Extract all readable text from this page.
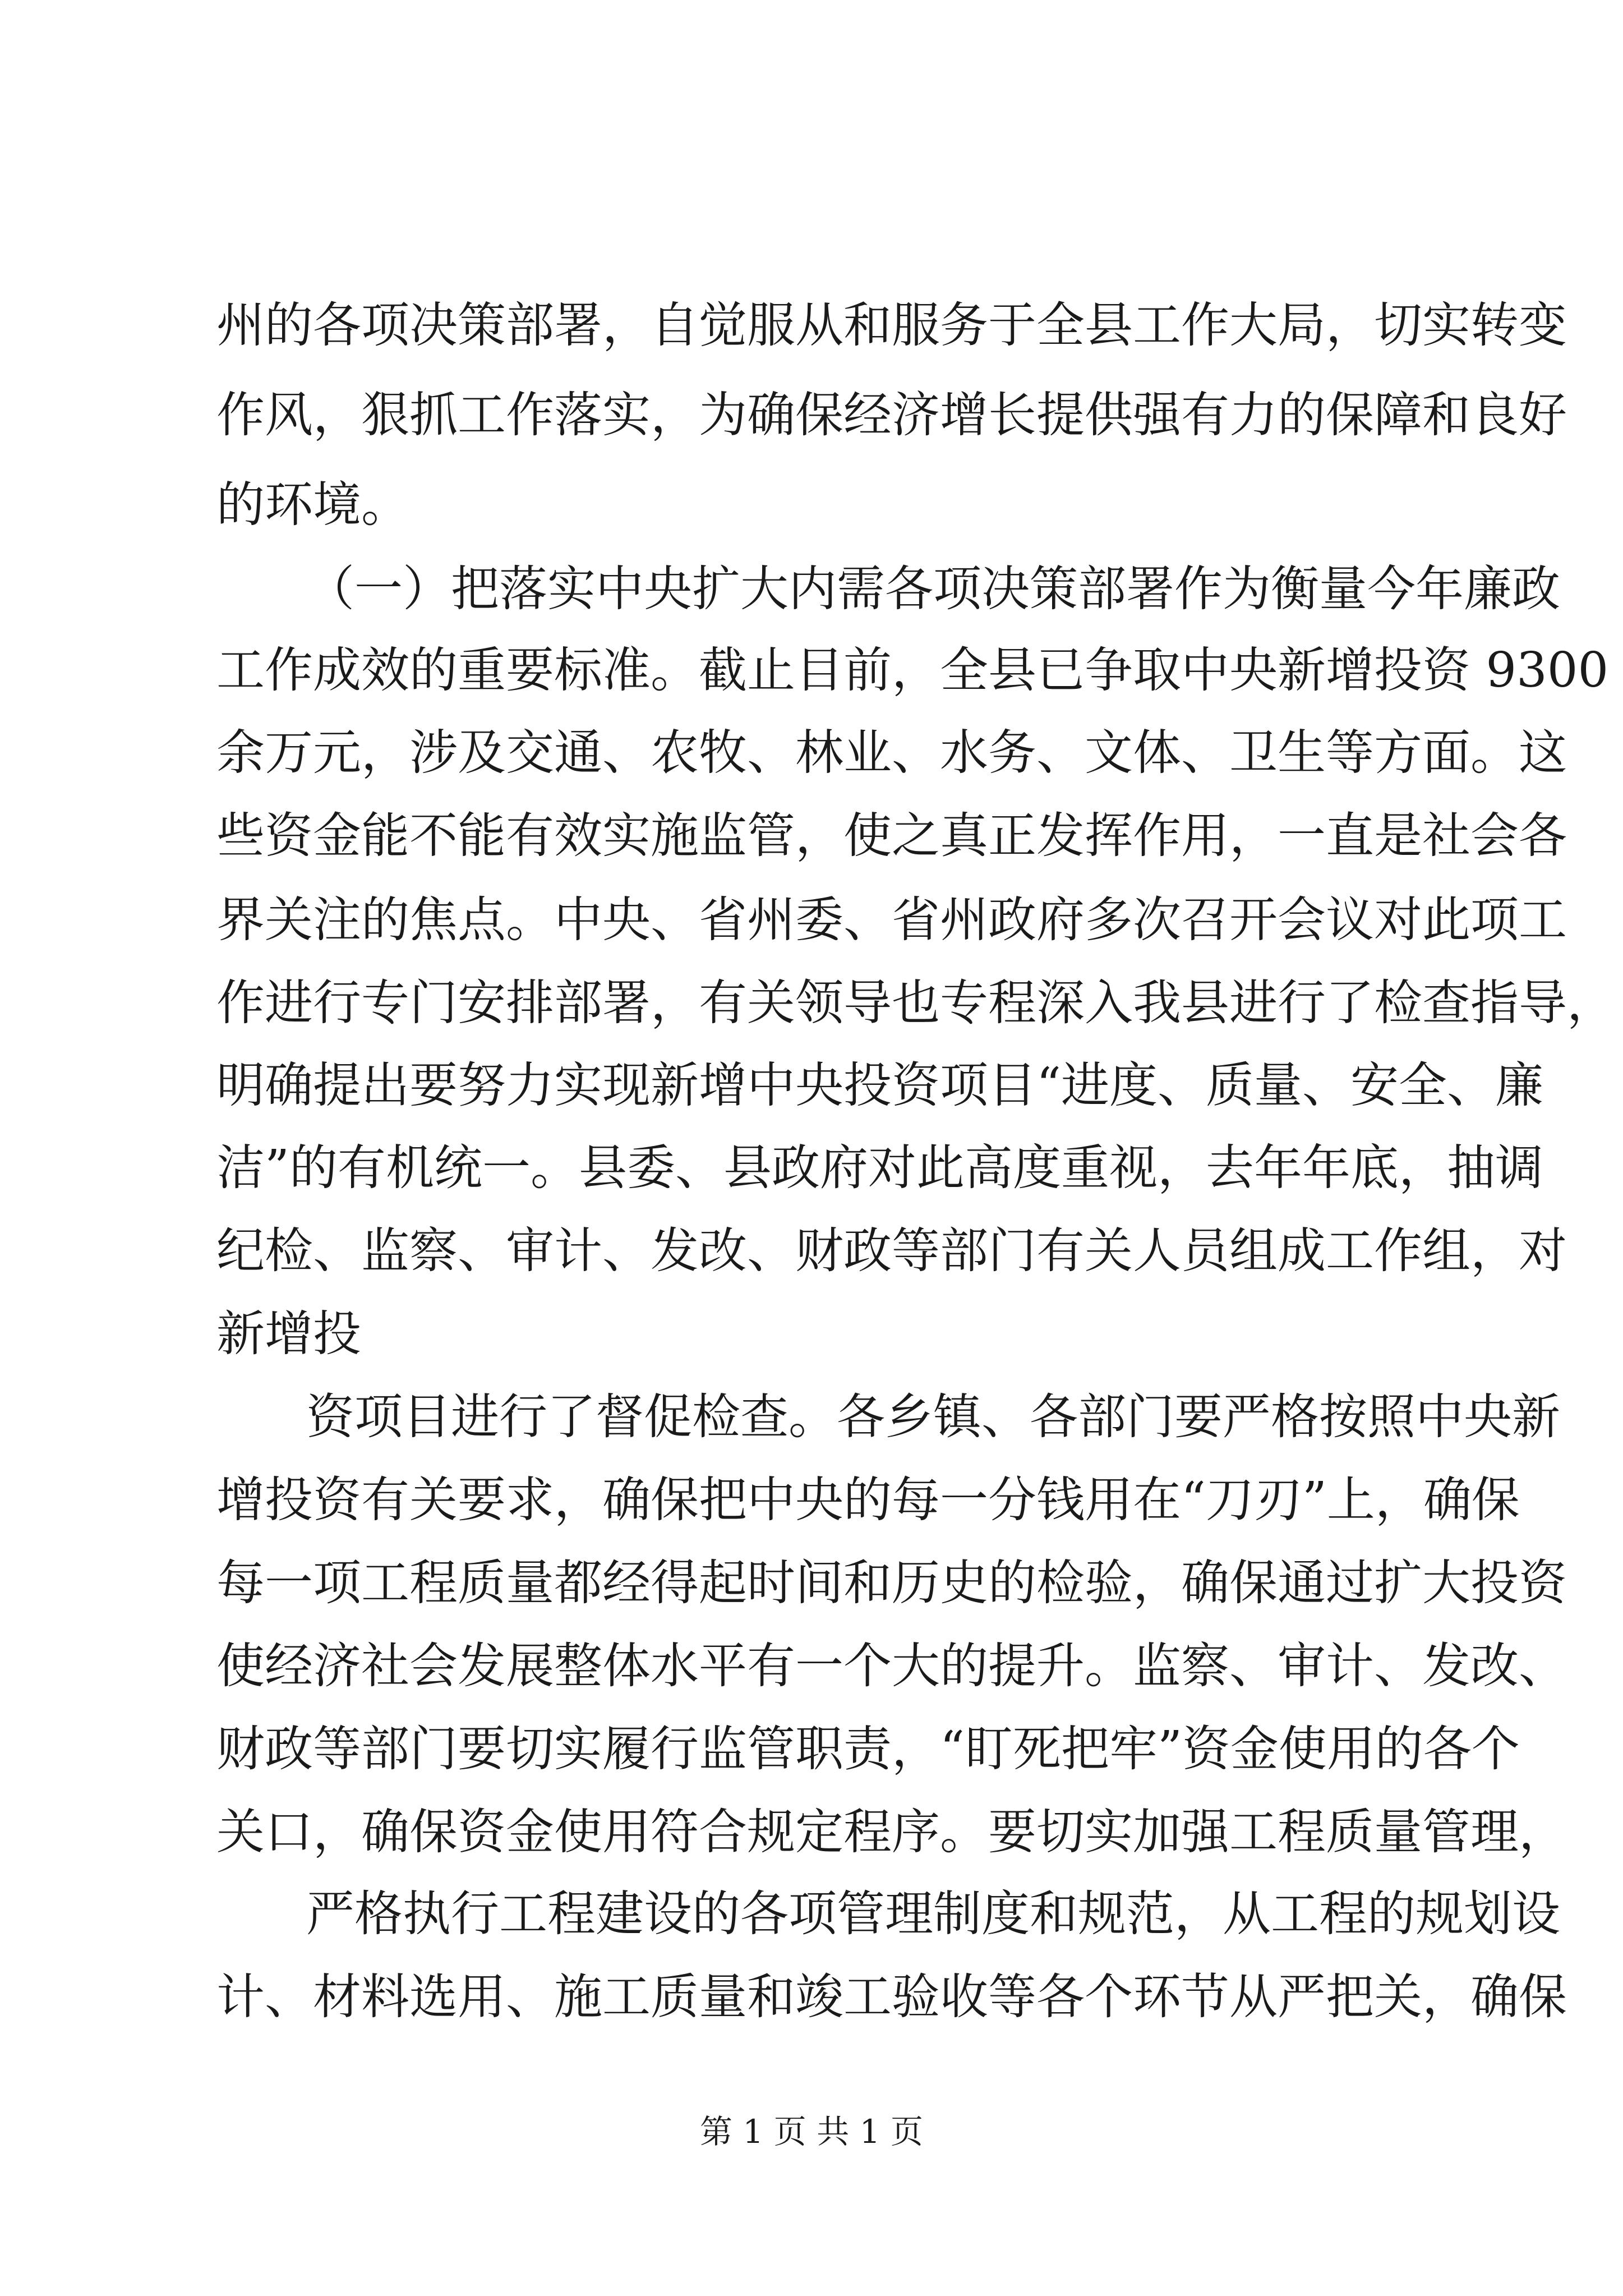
州的各项决策部署，自觉服从和服务于全县工作大局，切实转变
作风，狠抓工作落实，为确保经济增长提供强有力的保障和良好
的环境。
（一）把落实中央扩大内需各项决策部署作为衡量今年廉政
工作成效的重要标准。截止目前，全县已争取中央新增投资 9300
余万元，涉及交通、农牧、林业、水务、文体、卫生等方面。这
些资金能不能有效实施监管，使之真正发挥作用，一直是社会各
界关注的焦点。中央、省州委、省州政府多次召开会议对此项工
作进行专门安排部署，有关领导也专程深入我县进行了检查指导，
明确提出要努力实现新增中央投资项目“进度、质量、安全、廉
洁”的有机统一。县委、县政府对此高度重视，去年年底，抽调
纪检、监察、审计、发改、财政等部门有关人员组成工作组，对
新增投
资项目进行了督促检查。各乡镇、各部门要严格按照中央新
增投资有关要求，确保把中央的每一分钱用在“刀刃”上，确保
每一项工程质量都经得起时间和历史的检验，确保通过扩大投资
使经济社会发展整体水平有一个大的提升。监察、审计、发改、
财政等部门要切实履行监管职责，“盯死把牢”资金使用的各个
关口，确保资金使用符合规定程序。要切实加强工程质量管理，
严格执行工程建设的各项管理制度和规范，从工程的规划设
计、材料选用、施工质量和竣工验收等各个环节从严把关，确保
第 1 页 共 1 页
